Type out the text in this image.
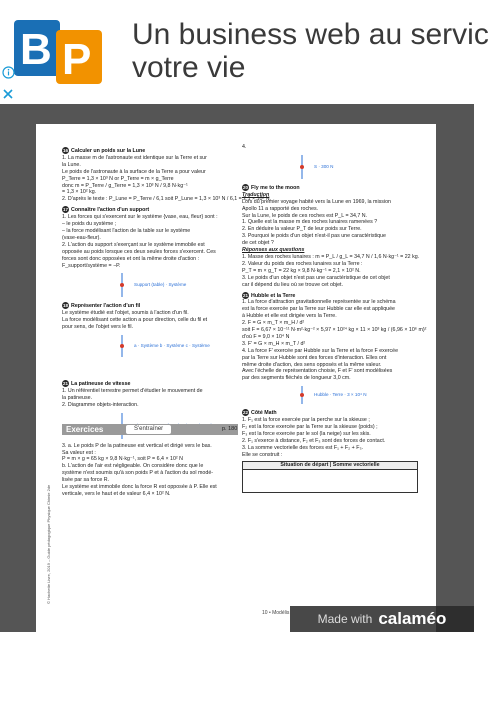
B P
Un business web au servic
votre vie
16 Calculer un poids sur la Lune
1. La masse m de l'astronaute est identique sur la Terre et sur
la Lune.
Le poids de l'astronaute à la surface de la Terre a pour valeur
P_Terre = 1,3 × 10³ N or P_Terre = m × g_Terre
donc m = P_Terre / g_Terre = 1,3 × 10³ N / 9,8 N·kg⁻¹
= 1,3 × 10² kg.
2. D'après le texte : P_Lune = P_Terre / 6,1 soit P_Lune = 1,3 × 10³ N / 6,1 = 2,1 × 10² N.
17 Connaître l'action d'un support
1. Les forces qui s'exercent sur le système {vase, eau, fleur} sont :
– le poids du système ;
– la force modélisant l'action de la table sur le système
(vase-eau-fleur).
2. L'action du support s'exerçant sur le système immobile est
opposée au poids lorsque ces deux seules forces s'exercent. Ces
forces sont donc opposées et ont la même droite d'action :
F_support/système = −P.
Support (table) · Système
18 Représenter l'action d'un fil
Le système étudié est l'objet, soumis à l'action d'un fil.
La force modélisant cette action a pour direction, celle du fil et
pour sens, de l'objet vers le fil.
a · Système b · Système c · Système
21 La patineuse de vitesse
1. Un référentiel terrestre permet d'étudier le mouvement de
la patineuse.
2. Diagramme objets-interaction.
3. a. Le poids P de la patineuse est vertical et dirigé vers le bas.
Sa valeur est :
P = m × g = 65 kg × 9,8 N·kg⁻¹, soit P = 6,4 × 10² N
b. L'action de l'air est négligeable. On considère donc que le
système n'est soumis qu'à son poids P et à l'action du sol modé-
lisée par sa force R.
Le système est immobile donc la force R est opposée à P. Elle est
verticale, vers le haut et de valeur 6,4 × 10² N.
4.
S · 300 N
20 Fly me to the moon
Traduction
Lors du premier voyage habité vers la Lune en 1969, la mission
Apollo 11 a rapporté des roches.
Sur la Lune, le poids de ces roches est P_L = 34,7 N.
1. Quelle est la masse m des roches lunaires ramenées ?
2. En déduire la valeur P_T de leur poids sur Terre.
3. Pourquoi le poids d'un objet n'est-il pas une caractéristique
de cet objet ?
Réponses aux questions
1. Masse des roches lunaires : m = P_L / g_L = 34,7 N / 1,6 N·kg⁻¹ = 22 kg.
2. Valeur du poids des roches lunaires sur la Terre :
P_T = m × g_T = 22 kg × 9,8 N·kg⁻¹ = 2,1 × 10² N.
3. Le poids d'un objet n'est pas une caractéristique de cet objet
car il dépend du lieu où se trouve cet objet.
21 Hubble et la Terre
1. La force d'attraction gravitationnelle représentée sur le schéma
est la force exercée par la Terre sur Hubble car elle est appliquée
à Hubble et elle est dirigée vers la Terre.
2. F = G × m_T × m_H / d²
soit F = 6,67 × 10⁻¹¹ N·m²·kg⁻² × 5,97 × 10²⁴ kg × 11 × 10³ kg / (6,96 × 10⁶ m)²
d'où F = 9,0 × 10⁴ N
3. F' = G × m_H × m_T / d²
4. La force F' exercée par Hubble sur la Terre et la force F exercée
par la Terre sur Hubble sont des forces d'interaction. Elles ont
même droite d'action, des sens opposés et la même valeur.
Avec l'échelle de représentation choisie, F et F' sont modélisées
par des segments fléchés de longueur 3,0 cm.
Hubble · Terre · 3 × 10⁴ N
22 Côté Math
1. F₁ est la force exercée par la perche sur la skieuse ;
F₂ est la force exercée par la Terre sur la skieuse (poids) ;
F₃ est la force exercée par le sol (la neige) sur les skis.
2. F₁ s'exerce à distance, F₂ et F₃ sont des forces de contact.
3. La somme vectorielle des forces est F₁ + F₂ + F₃.
Elle se construit :
Situation de départ | Somme vectorielle
Exercices	S'entraîner	p. 180
© Hachette Livre, 2019 – Guide pédagogique Physique Chimie 2de
10 • Modélis Made with calaméo
